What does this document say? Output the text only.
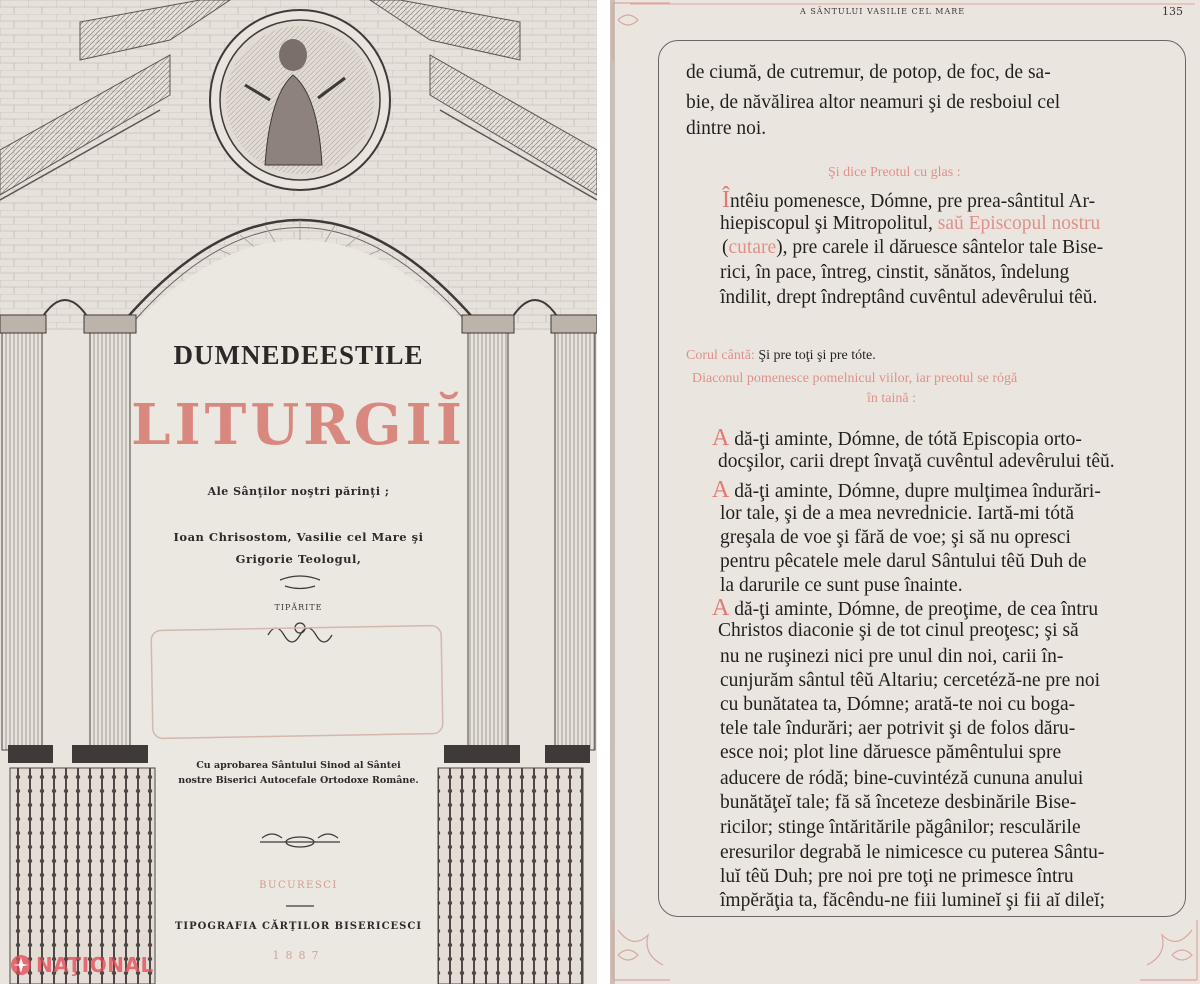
DUMNEDEESTILE
LITURGIĬ
Ale Sânţilor noştri părinţi ;
Ioan Chrisostom, Vasilie cel Mare şi
Grigorie Teologul,
TIPĂRITE
Cu aprobarea Sântului Sinod al Sântei
nostre Biserici Autocefale Ortodoxe Române.
BUCURESCI
TIPOGRAFIA CĂRŢILOR BISERICESCI
1887
NAŢIONAL
A SÂNTULUI VASILIE CEL MARE	135
de ciumă, de cutremur, de potop, de foc, de sa-
bie, de năvălirea altor neamuri şi de resboiul cel
dintre noi.
Şi dice Preotul cu glas :
Întêiu pomenesce, Dómne, pre prea-sântitul Ar-
hiepiscopul şi Mitropolitul, saŭ Episcopul nostru
(cutare), pre carele il dăruesce sântelor tale Bise-
rici, în pace, întreg, cinstit, sănătos, îndelung
îndilit, drept îndreptând cuvêntul adevêrului têŭ.
Corul cântă: Şi pre toţi şi pre tóte.
Diaconul pomenesce pomelnicul viilor, iar preotul se rógă
în taină :
A dă-ţi aminte, Dómne, de tótă Episcopia orto-
docşilor, carii drept învaţă cuvêntul adevêrului têŭ.
A dă-ţi aminte, Dómne, dupre mulţimea îndurări-
lor tale, şi de a mea nevrednicie. Iartă-mi tótă
greşala de voe şi fără de voe; şi să nu opresci
pentru pêcatele mele darul Sântului têŭ Duh de
la darurile ce sunt puse înainte.
A dă-ţi aminte, Dómne, de preoţime, de cea întru
Christos diaconie şi de tot cinul preoţesc; şi să
nu ne ruşinezi nici pre unul din noi, carii în-
cunjurăm sântul têŭ Altariu; cercetéză-ne pre noi
cu bunătatea ta, Dómne; arată-te noi cu boga-
tele tale îndurări; aer potrivit şi de folos dăru-
esce noi; plot line dăruesce pămêntului spre
aducere de ródă; bine-cuvintéză cununa anului
bunătăţeĭ tale; fă să înceteze desbinările Bise-
ricilor; stinge întăritările păgânilor; resculările
eresurilor degrabă le nimicesce cu puterea Sântu-
luĭ têŭ Duh; pre noi pre toţi ne primesce întru
împĕrăţia ta, făcêndu-ne fiii lumineĭ şi fii aĭ dileĭ;
